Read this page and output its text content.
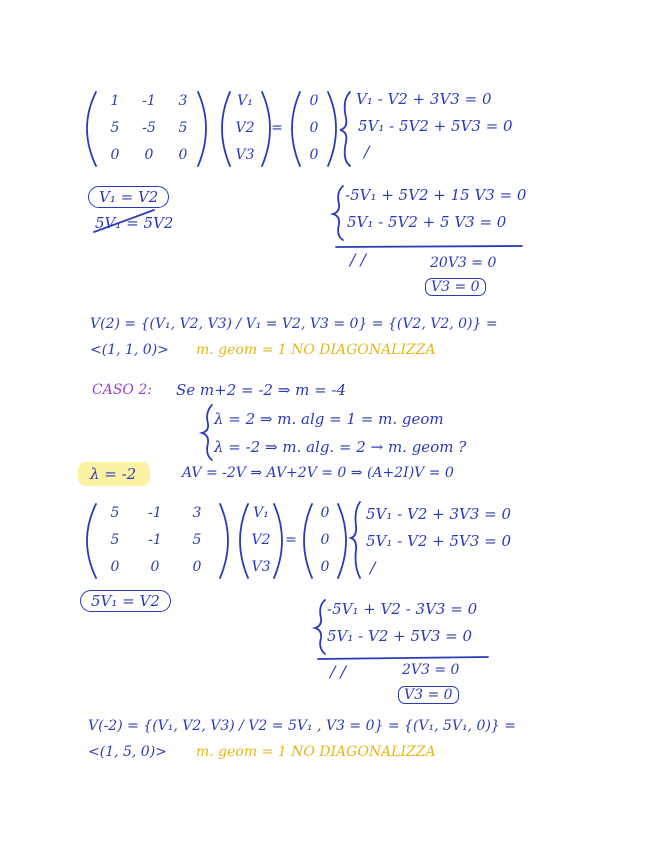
1	-1	3
5	-5	5
0	0	0
V₁
V2
V3
=
0
0
0
V₁ - V2 + 3V3 = 0
5V₁ - 5V2 + 5V3 = 0
/
V₁ = V2
5V₁ = 5V2
-5V₁ + 5V2 + 15 V3 = 0
5V₁ - 5V2 + 5 V3 = 0
/ /	20V3 = 0
V3 = 0
V(2) = {(V₁, V2, V3) / V₁ = V2, V3 = 0} = {(V2, V2, 0)} =
<(1, 1, 0)> m. geom = 1 NO DIAGONALIZZA
CASO 2: Se m+2 = -2 ⇒ m = -4
λ = 2 ⇒ m. alg = 1 = m. geom
λ = -2 ⇒ m. alg. = 2 → m. geom ?
λ = -2	AV = -2V ⇒ AV+2V = 0 ⇒ (A+2I)V = 0
5	-1	3
5	-1	5
0	0	0
V₁
V2
V3
=
0
0
0
5V₁ - V2 + 3V3 = 0
5V₁ - V2 + 5V3 = 0
/
5V₁ = V2	-5V₁ + V2 - 3V3 = 0
5V₁ - V2 + 5V3 = 0
/ /	2V3 = 0
V3 = 0
V(-2) = {(V₁, V2, V3) / V2 = 5V₁ , V3 = 0} = {(V₁, 5V₁, 0)} =
<(1, 5, 0)> m. geom = 1 NO DIAGONALIZZA
